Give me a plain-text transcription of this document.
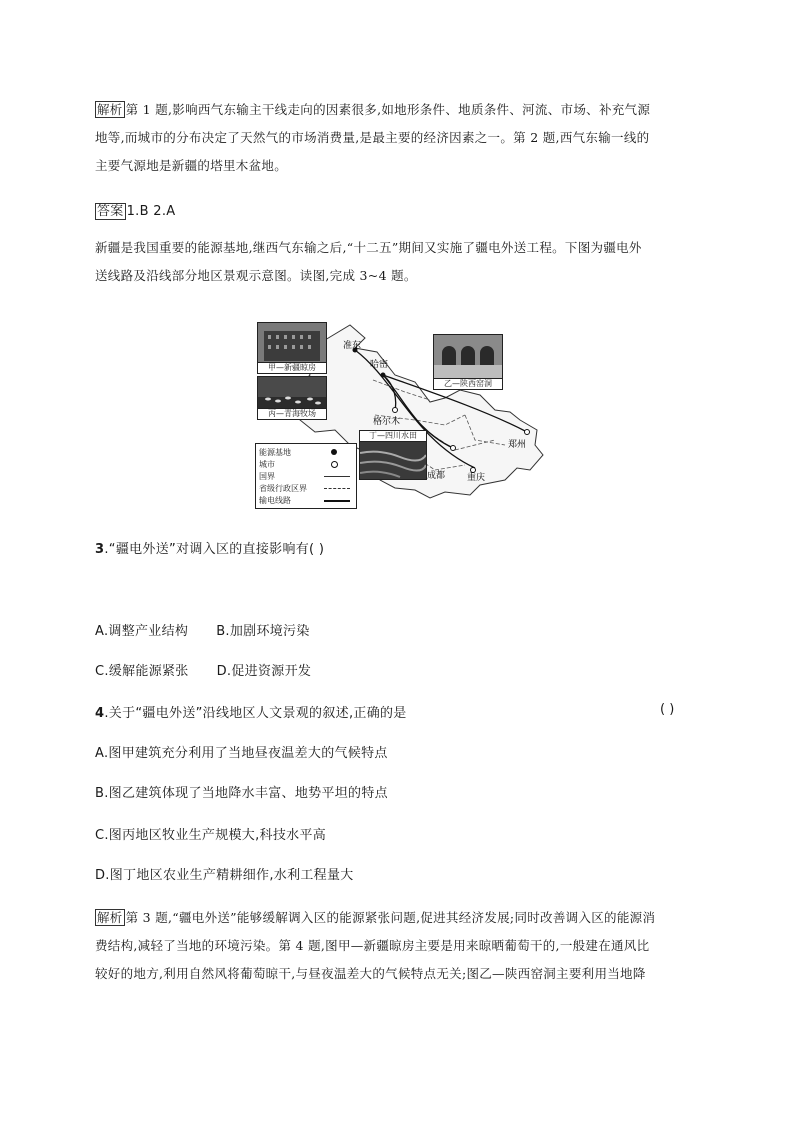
解析 第 1 题,影响西气东输主干线走向的因素很多,如地形条件、地质条件、河流、市场、补充气源
地等,而城市的分布决定了天然气的市场消费量,是最主要的经济因素之一。第 2 题,西气东输一线的
主要气源地是新疆的塔里木盆地。
答案 1.B 2.A
新疆是我国重要的能源基地,继西气东输之后,“十二五”期间又实施了疆电外送工程。下图为疆电外
送线路及沿线部分地区景观示意图。读图,完成 3~4 题。
准东
哈密
格尔木
郑州
成都 重庆
甲—新疆晾房
丙—青海牧场
乙—陕西窑洞
丁—四川水田
能源基地
城市
国界
省级行政区界
输电线路
3.“疆电外送”对调入区的直接影响有( )
A.调整产业结构 B.加剧环境污染
C.缓解能源紧张 D.促进资源开发
4.关于“疆电外送”沿线地区人文景观的叙述,正确的是	( )
A.图甲建筑充分利用了当地昼夜温差大的气候特点
B.图乙建筑体现了当地降水丰富、地势平坦的特点
C.图丙地区牧业生产规模大,科技水平高
D.图丁地区农业生产精耕细作,水利工程量大
解析 第 3 题,“疆电外送”能够缓解调入区的能源紧张问题,促进其经济发展;同时改善调入区的能源消
费结构,减轻了当地的环境污染。第 4 题,图甲—新疆晾房主要是用来晾晒葡萄干的,一般建在通风比
较好的地方,利用自然风将葡萄晾干,与昼夜温差大的气候特点无关;图乙—陕西窑洞主要利用当地降
